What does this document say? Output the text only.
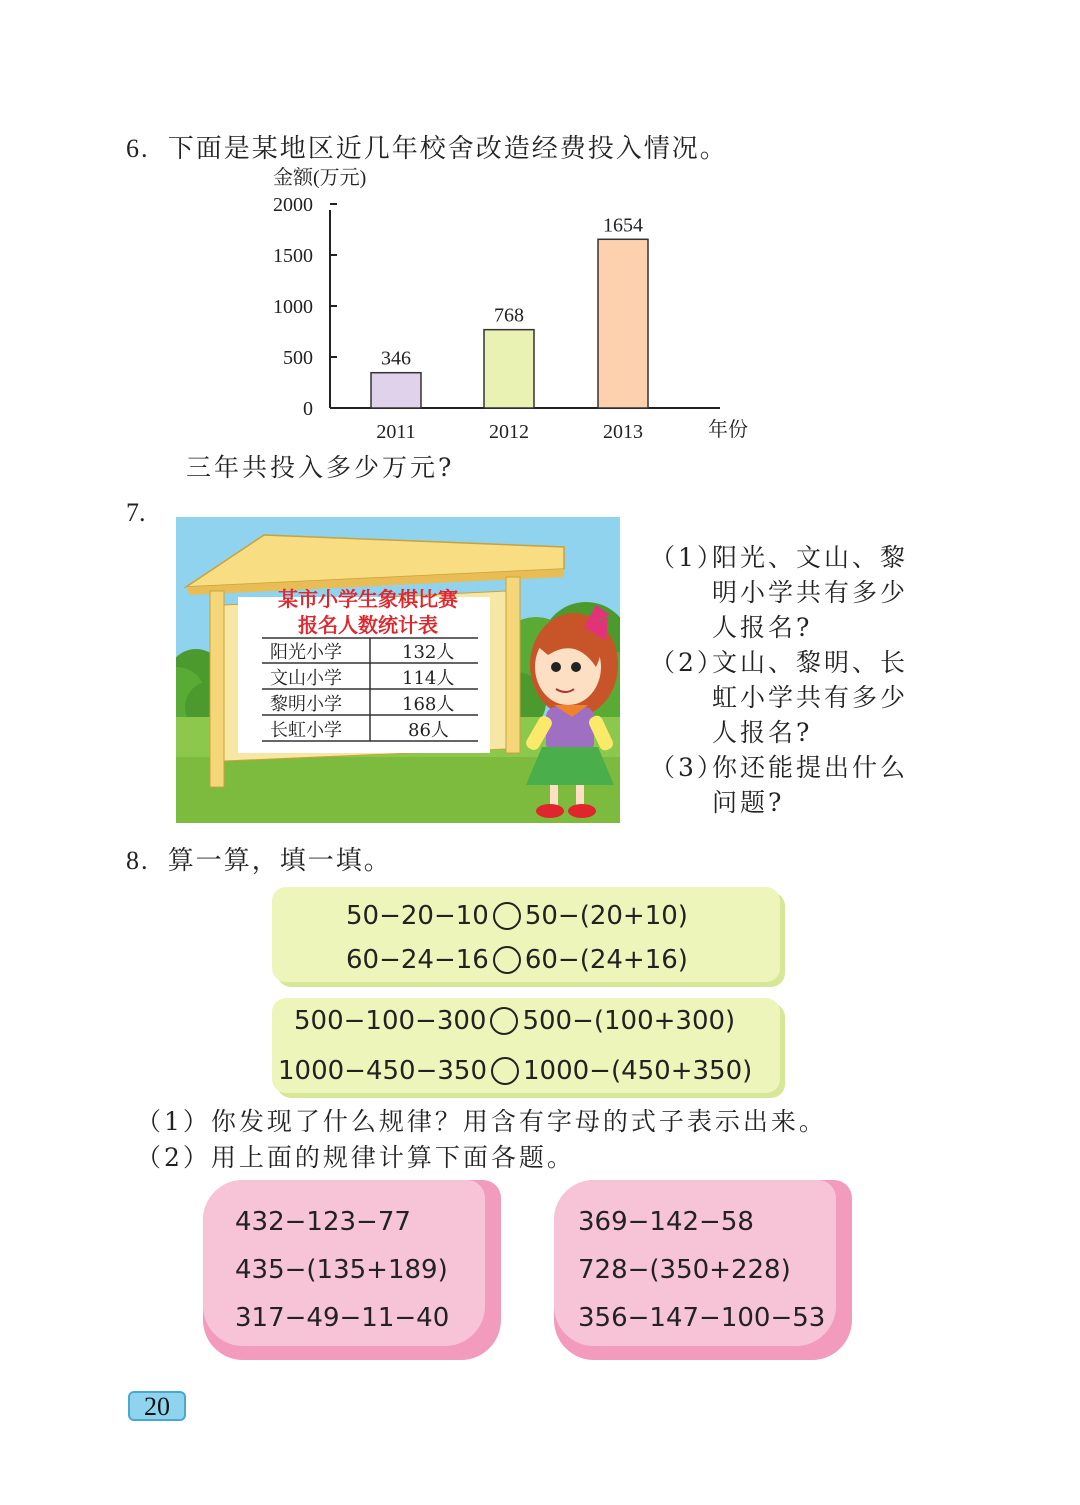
6. 下面是某地区近几年校舍改造经费投入情况。
金额(万元)
0
500
1000
1500
2000
346
2011
768
2012
1654
2013	年份
三年共投入多少万元?
7.
某市小学生象棋比赛
报名人数统计表
阳光小学	132人
文山小学	114人
黎明小学	168人
长虹小学	86人
（1）
阳光、文山、黎
明小学共有多少
人报名?
（2）
文山、黎明、长
虹小学共有多少
人报名?
（3）
你还能提出什么
问题?
8. 算一算，填一填。
50−20−10 50−(20+10)
60−24−16 60−(24+16)
500−100−300 500−(100+300)
1000−450−350 1000−(450+350)
（1）你发现了什么规律？用含有字母的式子表示出来。
（2）用上面的规律计算下面各题。
432−123−77
435−(135+189)
317−49−11−40
369−142−58
728−(350+228)
356−147−100−53
20
